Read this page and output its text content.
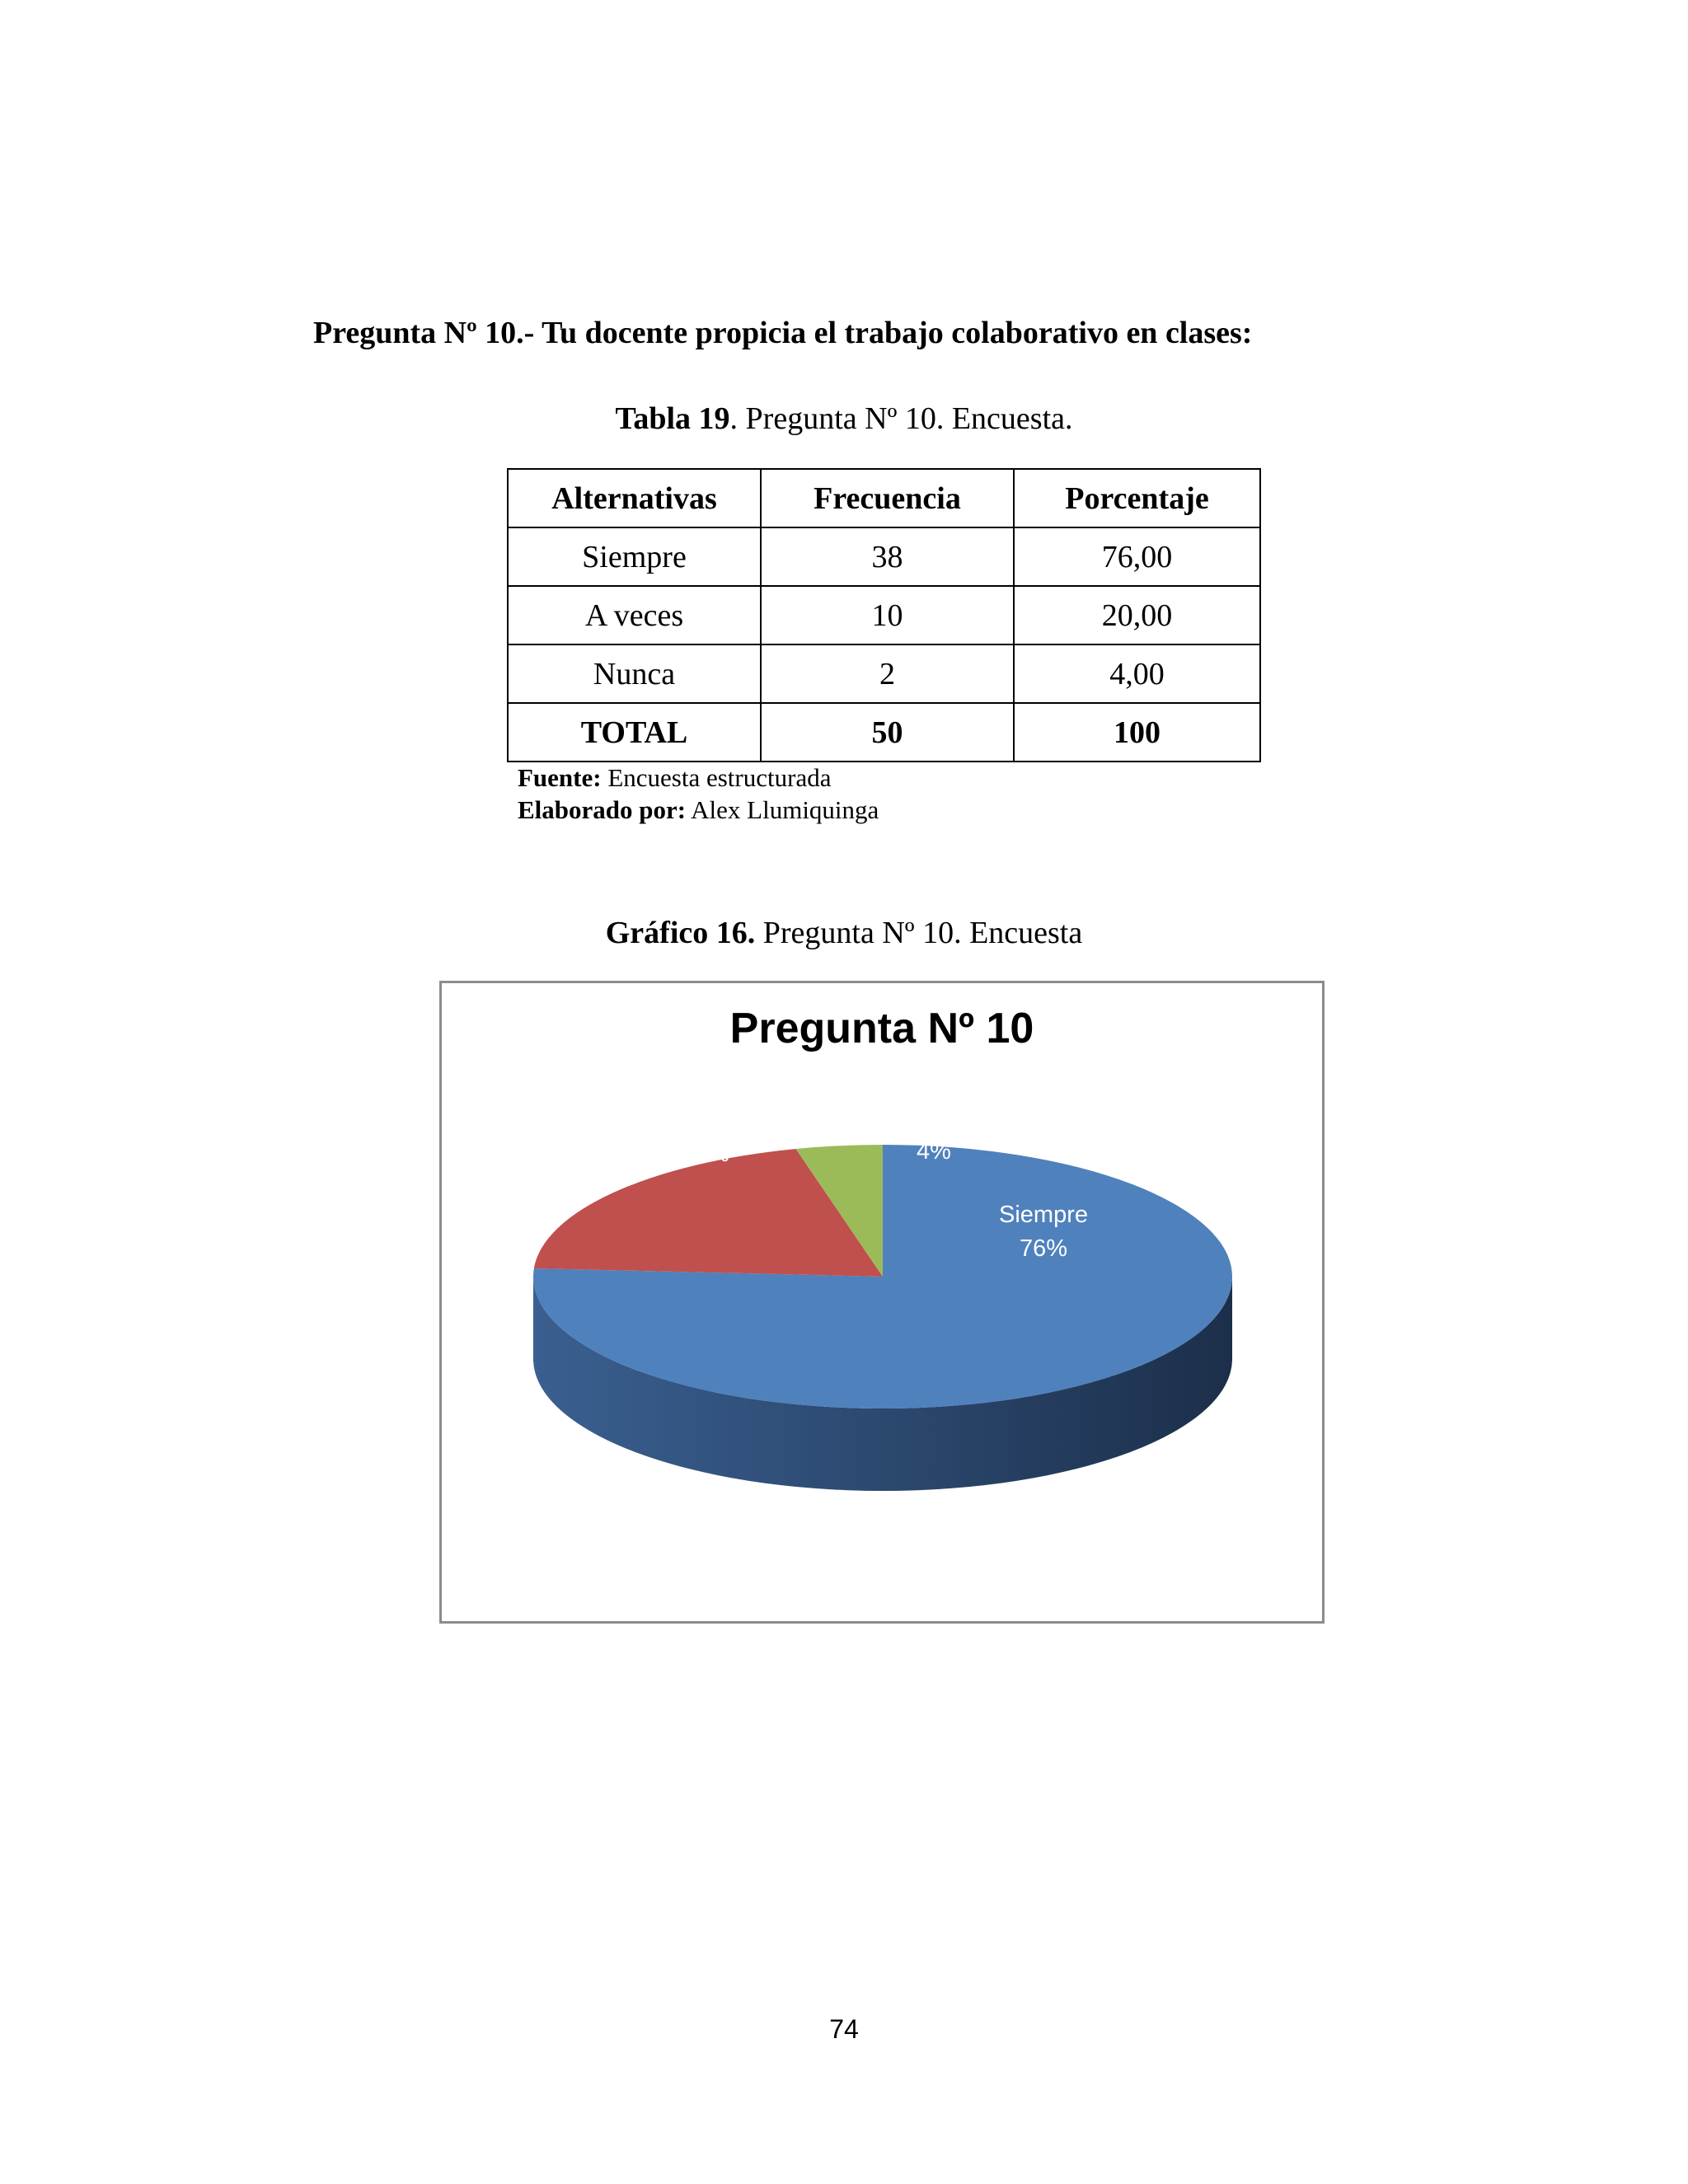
Pregunta Nº 10.- Tu docente propicia el trabajo colaborativo en clases:
Tabla 19. Pregunta Nº 10. Encuesta.
Alternativas	Frecuencia	Porcentaje
Siempre	38	76,00
A veces	10	20,00
Nunca	2	4,00
TOTAL	50	100
Fuente: Encuesta estructurada
Elaborado por: Alex Llumiquinga
Gráfico 16. Pregunta Nº 10. Encuesta
Pregunta Nº 10
Siempre
76%
A veces
20%
Nunca
4%
74
